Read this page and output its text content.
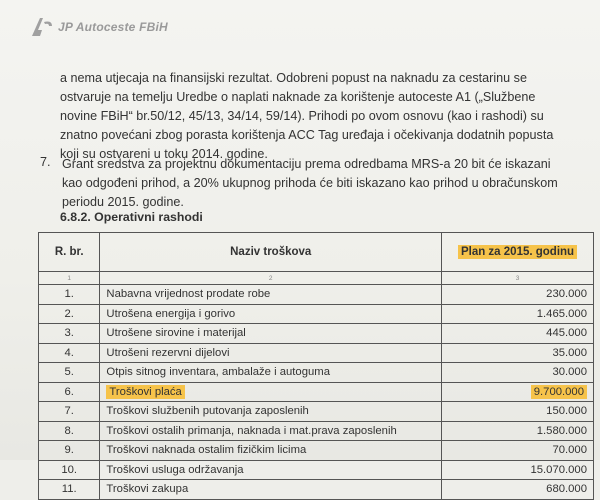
JP Autoceste FBiH
a nema utjecaja na finansijski rezultat. Odobreni popust na naknadu za cestarinu se
ostvaruje na temelju Uredbe o naplati naknade za korištenje autoceste A1 („Službene
novine FBiH“ br.50/12, 45/13, 34/14, 59/14). Prihodi po ovom osnovu (kao i rashodi) su
znatno povećani zbog porasta korištenja ACC Tag uređaja i očekivanja dodatnih popusta
koji su ostvareni u toku 2014. godine.
7. Grant sredstva za projektnu dokumentaciju prema odredbama MRS-a 20 bit će iskazani
kao odgođeni prihod, a 20% ukupnog prihoda će biti iskazano kao prihod u obračunskom
periodu 2015. godine.
6.8.2. Operativni rashodi
R. br.	Naziv troškova	Plan za 2015. godinu
1	2	3
1.	Nabavna vrijednost prodate robe	230.000
2.	Utrošena energija i gorivo	1.465.000
3.	Utrošene sirovine i materijal	445.000
4.	Utrošeni rezervni dijelovi	35.000
5.	Otpis sitnog inventara, ambalaže i autoguma	30.000
6.	Troškovi plaća	9.700.000
7.	Troškovi službenih putovanja zaposlenih	150.000
8.	Troškovi ostalih primanja, naknada i mat.prava zaposlenih	1.580.000
9.	Troškovi naknada ostalim fizičkim licima	70.000
10.	Troškovi usluga održavanja	15.070.000
11.	Troškovi zakupa	680.000
